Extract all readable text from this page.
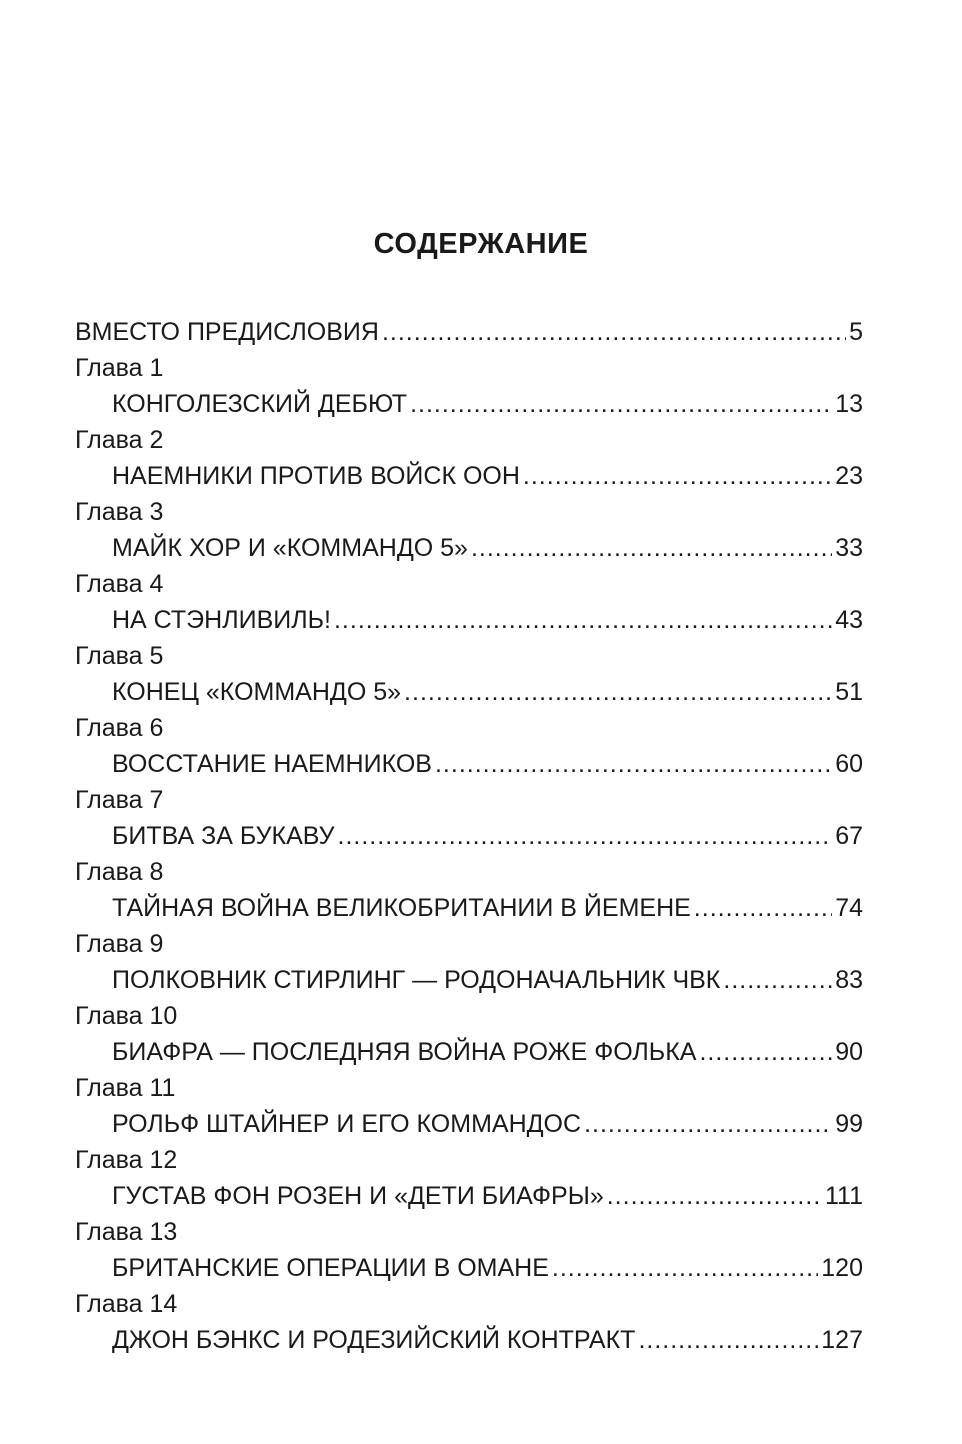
СОДЕРЖАНИЕ
ВМЕСТО ПРЕДИСЛОВИЯ .....	5
Глава 1
КОНГОЛЕЗСКИЙ ДЕБЮТ .....	13
Глава 2
НАЕМНИКИ ПРОТИВ ВОЙСК ООН .....	23
Глава 3
МАЙК ХОР И «КОММАНДО 5» .....	33
Глава 4
НА СТЭНЛИВИЛЬ! .....	43
Глава 5
КОНЕЦ «КОММАНДО 5» .....	51
Глава 6
ВОССТАНИЕ НАЕМНИКОВ .....	60
Глава 7
БИТВА ЗА БУКАВУ .....	67
Глава 8
ТАЙНАЯ ВОЙНА ВЕЛИКОБРИТАНИИ В ЙЕМЕНЕ .....	74
Глава 9
ПОЛКОВНИК СТИРЛИНГ — РОДОНАЧАЛЬНИК ЧВК .....	83
Глава 10
БИАФРА — ПОСЛЕДНЯЯ ВОЙНА РОЖЕ ФОЛЬКА .....	90
Глава 11
РОЛЬФ ШТАЙНЕР И ЕГО КОММАНДОС .....	99
Глава 12
ГУСТАВ ФОН РОЗЕН И «ДЕТИ БИАФРЫ» .....	111
Глава 13
БРИТАНСКИЕ ОПЕРАЦИИ В ОМАНЕ .....	120
Глава 14
ДЖОН БЭНКС И РОДЕЗИЙСКИЙ КОНТРАКТ .....	127
